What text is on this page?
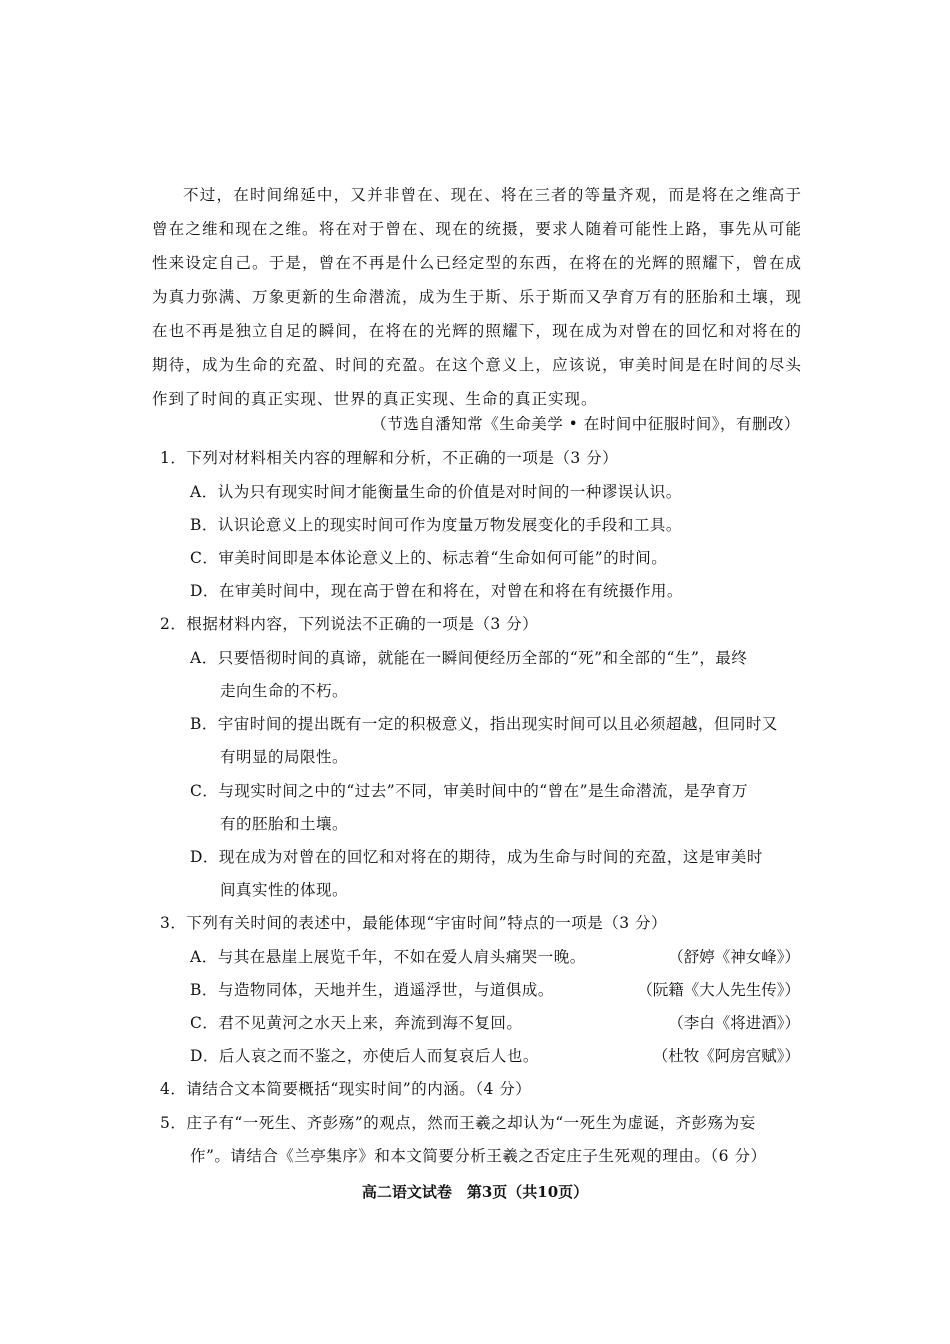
不过，在时间绵延中，又并非曾在、现在、将在三者的等量齐观，而是将在之维高于曾在之维和现在之维。将在对于曾在、现在的统摄，要求人随着可能性上路，事先从可能性来设定自己。于是，曾在不再是什么已经定型的东西，在将在的光辉的照耀下，曾在成为真力弥满、万象更新的生命潜流，成为生于斯、乐于斯而又孕育万有的胚胎和土壤，现在也不再是独立自足的瞬间，在将在的光辉的照耀下，现在成为对曾在的回忆和对将在的期待，成为生命的充盈、时间的充盈。在这个意义上，应该说，审美时间是在时间的尽头作到了时间的真正实现、世界的真正实现、生命的真正实现。
（节选自潘知常《生命美学 • 在时间中征服时间》，有删改）
1．下列对材料相关内容的理解和分析，不正确的一项是（3 分）
A．认为只有现实时间才能衡量生命的价值是对时间的一种谬误认识。
B．认识论意义上的现实时间可作为度量万物发展变化的手段和工具。
C．审美时间即是本体论意义上的、标志着“生命如何可能”的时间。
D．在审美时间中，现在高于曾在和将在，对曾在和将在有统摄作用。
2．根据材料内容，下列说法不正确的一项是（3 分）
A．只要悟彻时间的真谛，就能在一瞬间便经历全部的“死”和全部的“生”，最终
走向生命的不朽。
B．宇宙时间的提出既有一定的积极意义，指出现实时间可以且必须超越，但同时又
有明显的局限性。
C．与现实时间之中的“过去”不同，审美时间中的“曾在”是生命潜流，是孕育万
有的胚胎和土壤。
D．现在成为对曾在的回忆和对将在的期待，成为生命与时间的充盈，这是审美时
间真实性的体现。
3．下列有关时间的表述中，最能体现“宇宙时间”特点的一项是（3 分）
A．与其在悬崖上展览千年，不如在爱人肩头痛哭一晚。	（舒婷《神女峰》）
B．与造物同体，天地并生，逍遥浮世，与道俱成。	（阮籍《大人先生传》）
C．君不见黄河之水天上来，奔流到海不复回。	（李白《将进酒》）
D．后人哀之而不鉴之，亦使后人而复哀后人也。	（杜牧《阿房宫赋》）
4．请结合文本简要概括“现实时间”的内涵。（4 分）
5．庄子有“一死生、齐彭殇”的观点，然而王羲之却认为“一死生为虚诞，齐彭殇为妄
作”。请结合《兰亭集序》和本文简要分析王羲之否定庄子生死观的理由。（6 分）
高二语文试卷　第3页（共10页）
